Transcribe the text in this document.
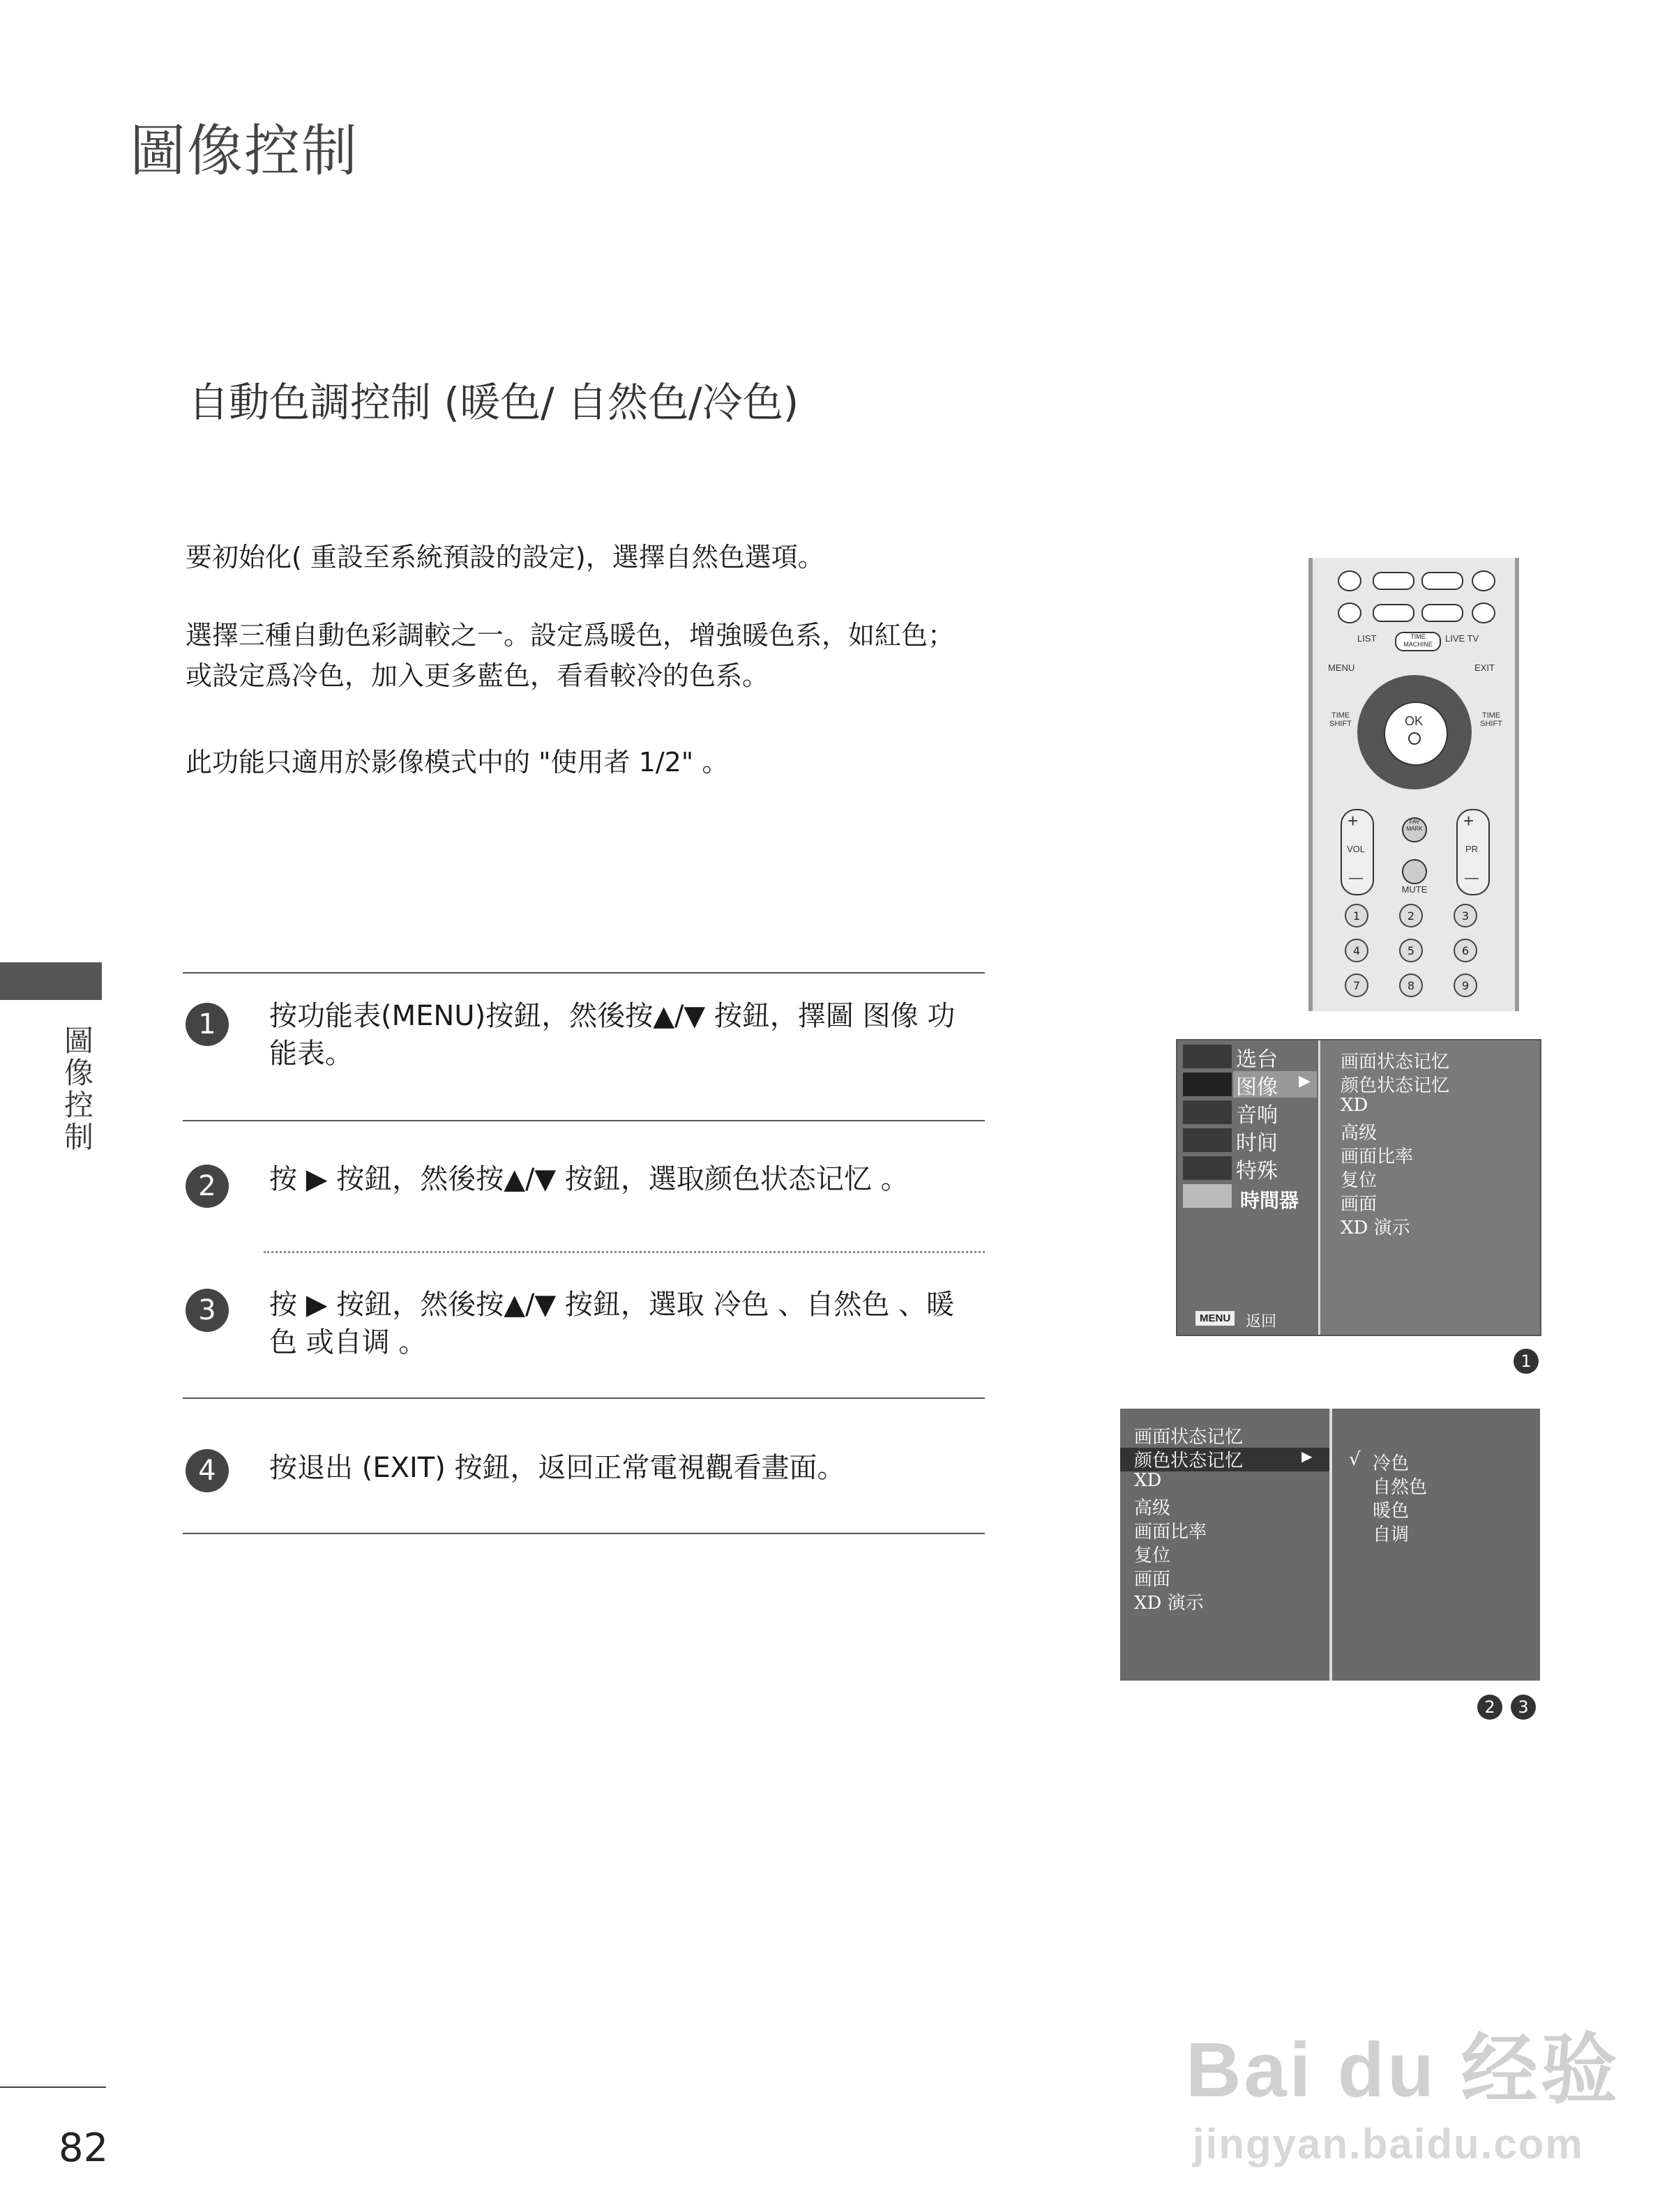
圖像控制
圖像控制
自動色調控制 (暖色/ 自然色/冷色)
要初始化( 重設至系統預設的設定)，選擇自然色選項。
選擇三種自動色彩調較之一。設定爲暖色，增強暖色系，如紅色；或設定爲冷色，加入更多藍色，看看較冷的色系。
此功能只適用於影像模式中的 "使用者 1/2" 。
1	按功能表(MENU)按鈕，然後按▲/▼ 按鈕，擇圖 图像 功能表。
2	按 ▶ 按鈕，然後按▲/▼ 按鈕，選取颜色状态记忆 。
3	按 ▶ 按鈕，然後按▲/▼ 按鈕，選取 冷色 、自然色 、暖色 或自调 。
4	按退出 (EXIT) 按鈕，返回正常電視觀看畫面。
LIST	TIME MACHINE
LIVE TV
MENU	EXIT
OK
TIME SHIFT
TIME SHIFT
+
VOL
—
+
PR
—
FAV MARK
MUTE
1	2	3
4	5	6
7	8	9
选台
图像 ▶
音响
时间
特殊
時間器
画面状态记忆
颜色状态记忆
XD
高级
画面比率
复位
画面
XD 演示
MENU 返回
1
画面状态记忆
颜色状态记忆	▶
XD
高级
画面比率
复位
画面
XD 演示
√ 冷色
自然色
暖色
自调
2	3
Bai du 经验
jingyan.baidu.com
82
